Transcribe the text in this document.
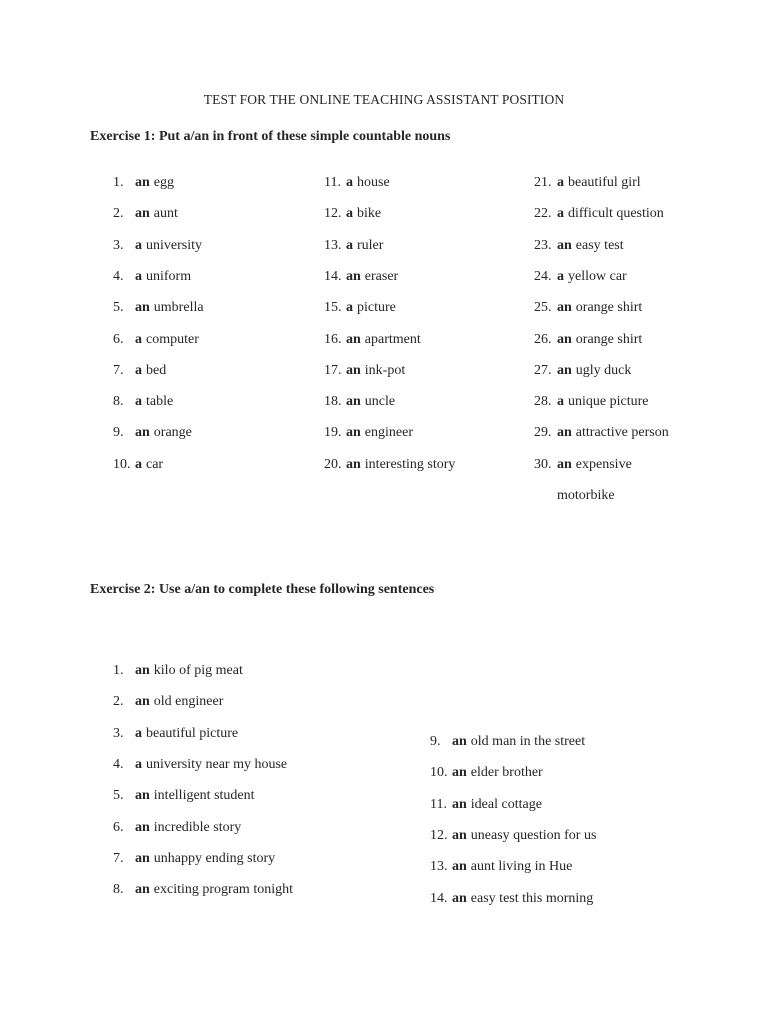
TEST FOR THE ONLINE TEACHING ASSISTANT POSITION
Exercise 1: Put a/an in front of these simple countable nouns
1. an egg
2. an aunt
3. a university
4. a uniform
5. an umbrella
6. a computer
7. a bed
8. a table
9. an orange
10. a car
11. a house
12. a bike
13. a ruler
14. an eraser
15. a picture
16. an apartment
17. an ink-pot
18. an uncle
19. an engineer
20. an interesting story
21. a beautiful girl
22. a difficult question
23. an easy test
24. a yellow car
25. an orange shirt
26. an orange shirt
27. an ugly duck
28. a unique picture
29. an attractive person
30. an expensive
motorbike
Exercise 2: Use a/an to complete these following sentences
1. an kilo of pig meat
2. an old engineer
3. a beautiful picture
4. a university near my house
5. an intelligent student
6. an incredible story
7. an unhappy ending story
8. an exciting program tonight
9. an old man in the street
10. an elder brother
11. an ideal cottage
12. an uneasy question for us
13. an aunt living in Hue
14. an easy test this morning
